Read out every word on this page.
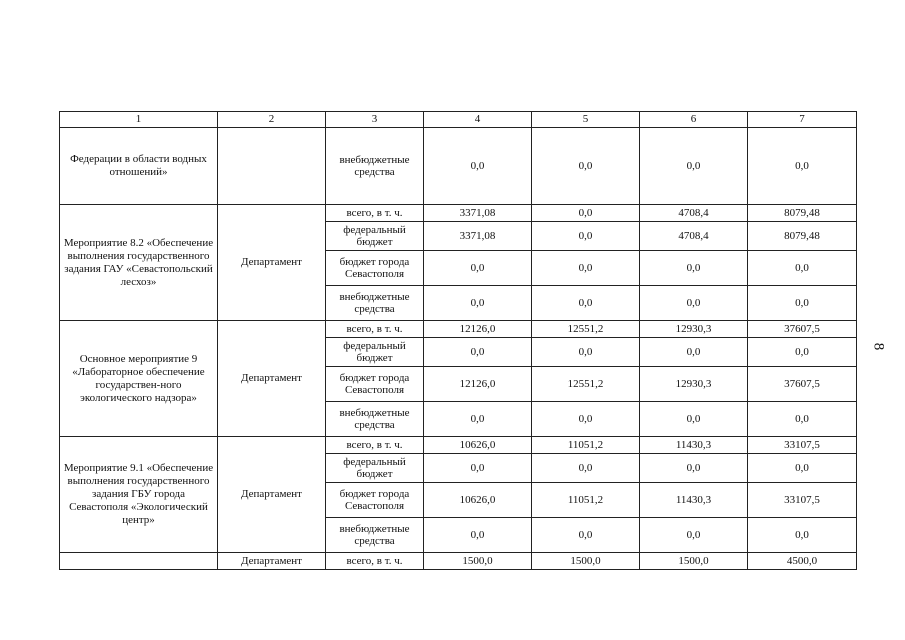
1	2	3	4	5	6	7
Федерации в области водных отношений»		внебюджетные средства	0,0	0,0	0,0	0,0
Мероприятие 8.2 «Обеспечение выполнения государственного задания ГАУ «Севастопольский лесхоз»	Департамент	всего, в т. ч.	3371,08	0,0	4708,4	8079,48
		федеральный бюджет	3371,08	0,0	4708,4	8079,48
		бюджет города Севастополя	0,0	0,0	0,0	0,0
		внебюджетные средства	0,0	0,0	0,0	0,0
Основное мероприятие 9 «Лабораторное обеспечение государствен-ного экологического надзора»	Департамент	всего, в т. ч.	12126,0	12551,2	12930,3	37607,5
		федеральный бюджет	0,0	0,0	0,0	0,0
		бюджет города Севастополя	12126,0	12551,2	12930,3	37607,5
		внебюджетные средства	0,0	0,0	0,0	0,0
Мероприятие 9.1 «Обеспечение выполнения государственного задания ГБУ города Севастополя «Экологический центр»	Департамент	всего, в т. ч.	10626,0	11051,2	11430,3	33107,5
		федеральный бюджет	0,0	0,0	0,0	0,0
		бюджет города Севастополя	10626,0	11051,2	11430,3	33107,5
		внебюджетные средства	0,0	0,0	0,0	0,0
	Департамент	всего, в т. ч.	1500,0	1500,0	1500,0	4500,0
8
